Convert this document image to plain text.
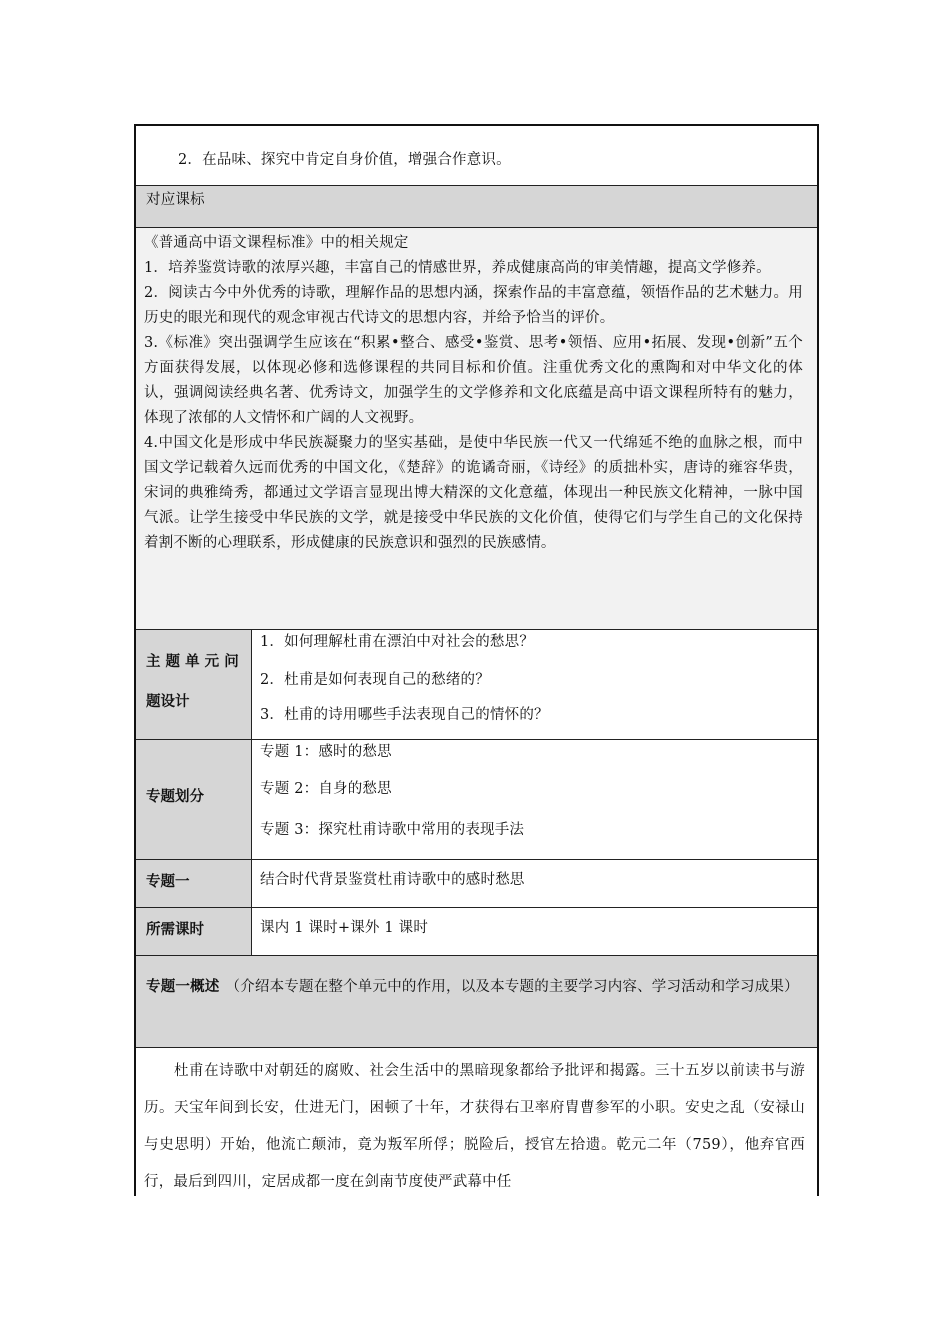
2．在品味、探究中肯定自身价值，增强合作意识。
对应课标

《普通高中语文课程标准》中的相关规定

1．培养鉴赏诗歌的浓厚兴趣，丰富自己的情感世界，养成健康高尚的审美情趣，提高文学修养。

2．阅读古今中外优秀的诗歌，理解作品的思想内涵，探索作品的丰富意蕴，领悟作品的艺术魅力。用历史的眼光和现代的观念审视古代诗文的思想内容，并给予恰当的评价。

3.《标准》突出强调学生应该在“积累•整合、感受•鉴赏、思考•领悟、应用•拓展、发现•创新”五个方面获得发展，以体现必修和选修课程的共同目标和价值。注重优秀文化的熏陶和对中华文化的体认，强调阅读经典名著、优秀诗文，加强学生的文学修养和文化底蕴是高中语文课程所特有的魅力，体现了浓郁的人文情怀和广阔的人文视野。

4.中国文化是形成中华民族凝聚力的坚实基础，是使中华民族一代又一代绵延不绝的血脉之根，而中国文学记载着久远而优秀的中国文化，《楚辞》的诡谲奇丽，《诗经》的质拙朴实，唐诗的雍容华贵，宋词的典雅绮秀，都通过文学语言显现出博大精深的文化意蕴，体现出一种民族文化精神，一脉中国气派。让学生接受中华民族的文学，就是接受中华民族的文化价值，使得它们与学生自己的文化保持着割不断的心理联系，形成健康的民族意识和强烈的民族感情。

主 题 单 元 问
题设计
1．如何理解杜甫在漂泊中对社会的愁思？
2．杜甫是如何表现自己的愁绪的？
3．杜甫的诗用哪些手法表现自己的情怀的？
专题划分
专题 1：感时的愁思
专题 2：自身的愁思
专题 3：探究杜甫诗歌中常用的表现手法
专题一	结合时代背景鉴赏杜甫诗歌中的感时愁思
所需课时	课内 1 课时+课外 1 课时
专题一概述 （介绍本专题在整个单元中的作用，以及本专题的主要学习内容、学习活动和学习成果）

杜甫在诗歌中对朝廷的腐败、社会生活中的黑暗现象都给予批评和揭露。三十五岁以前读书与游历。天宝年间到长安，仕进无门，困顿了十年，才获得右卫率府胄曹参军的小职。安史之乱（安禄山与史思明）开始，他流亡颠沛，竟为叛军所俘；脱险后，授官左拾遗。乾元二年（759），他弃官西行，最后到四川，定居成都一度在剑南节度使严武幕中任
